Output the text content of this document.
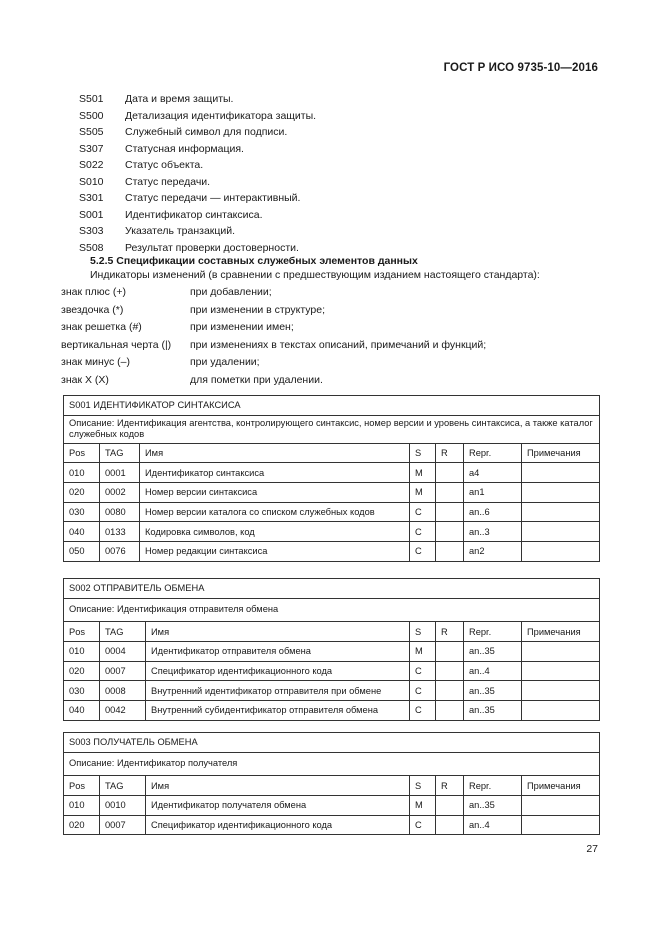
ГОСТ Р ИСО 9735-10—2016
S501 Дата и время защиты.
S500 Детализация идентификатора защиты.
S505 Служебный символ для подписи.
S307 Статусная информация.
S022 Статус объекта.
S010 Статус передачи.
S301 Статус передачи — интерактивный.
S001 Идентификатор синтаксиса.
S303 Указатель транзакций.
S508 Результат проверки достоверности.
5.2.5 Спецификации составных служебных элементов данных
Индикаторы изменений (в сравнении с предшествующим изданием настоящего стандарта):
знак плюс (+)	при добавлении;
звездочка (*)	при изменении в структуре;
знак решетка (#)	при изменении имен;
вертикальная черта (|) при изменениях в текстах описаний, примечаний и функций;
знак минус (–)	при удалении;
знак X (X)	для пометки при удалении.
S001 ИДЕНТИФИКАТОР СИНТАКСИСА						
Описание: Идентификация агентства, контролирующего синтаксис, номер версии и уровень синтаксиса, а также каталог служебных кодов						
Pos	TAG	Имя	S	R	Repr.	Примечания
010	0001	Идентификатор синтаксиса	M		a4	
020	0002	Номер версии синтаксиса	M		an1	
030	0080	Номер версии каталога со списком служебных кодов	C		an..6	
040	0133	Кодировка символов, код	C		an..3	
050	0076	Номер редакции синтаксиса	C		an2	
S002 ОТПРАВИТЕЛЬ ОБМЕНА						
Описание: Идентификация отправителя обмена						
Pos	TAG	Имя	S	R	Repr.	Примечания
010	0004	Идентификатор отправителя обмена	M		an..35	
020	0007	Спецификатор идентификационного кода	C		an..4	
030	0008	Внутренний идентификатор отправителя при обмене	C		an..35	
040	0042	Внутренний субидентификатор отправителя обмена	C		an..35	
S003 ПОЛУЧАТЕЛЬ ОБМЕНА						
Описание: Идентификатор получателя						
Pos	TAG	Имя	S	R	Repr.	Примечания
010	0010	Идентификатор получателя обмена	M		an..35	
020	0007	Спецификатор идентификационного кода	C		an..4	
27
